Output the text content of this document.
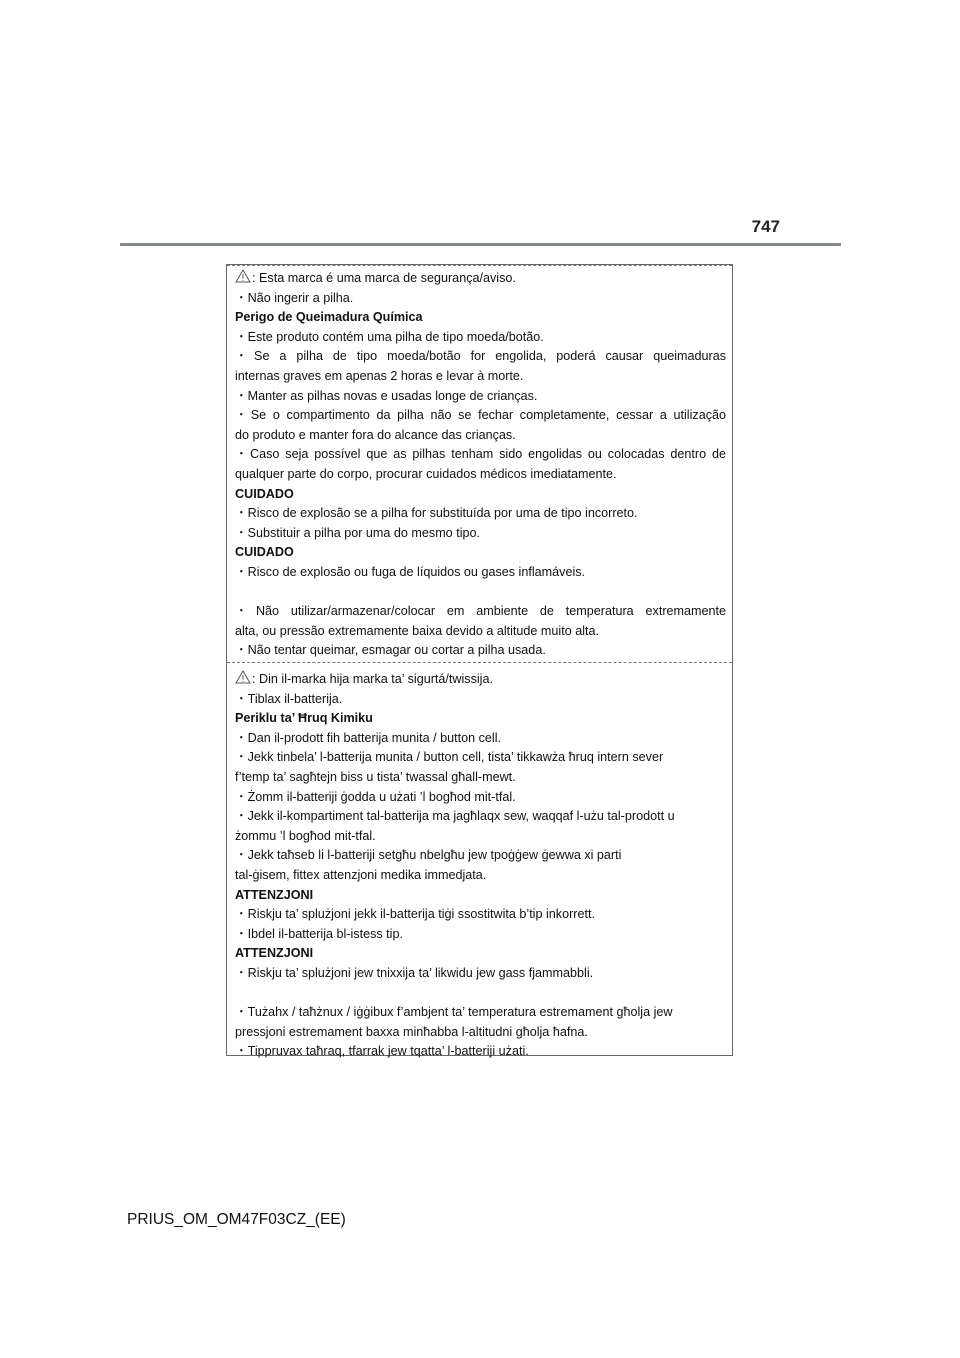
747
: Esta marca é uma marca de segurança/aviso.
・ Não ingerir a pilha.
Perigo de Queimadura Química
・ Este produto contém uma pilha de tipo moeda/botão.
・ Se a pilha de tipo moeda/botão for engolida, poderá causar queimaduras
internas graves em apenas 2 horas e levar à morte.
・ Manter as pilhas novas e usadas longe de crianças.
・ Se o compartimento da pilha não se fechar completamente, cessar a utilização
do produto e manter fora do alcance das crianças.
・ Caso seja possível que as pilhas tenham sido engolidas ou colocadas dentro de
qualquer parte do corpo, procurar cuidados médicos imediatamente.
CUIDADO
・ Risco de explosão se a pilha for substituída por uma de tipo incorreto.
・ Substituir a pilha por uma do mesmo tipo.
CUIDADO
・ Risco de explosão ou fuga de líquidos ou gases inflamáveis.
・ Não utilizar/armazenar/colocar em ambiente de temperatura extremamente
alta, ou pressão extremamente baixa devido a altitude muito alta.
・ Não tentar queimar, esmagar ou cortar a pilha usada.
: Din il-marka hija marka ta’ sigurtá/twissija.
・ Tiblax il-batterija.
Periklu ta’ Ħruq Kimiku
・ Dan il-prodott fih batterija munita / button cell.
・ Jekk tinbela’ l-batterija munita / button cell, tista’ tikkawża ħruq intern sever
f’temp ta’ sagħtejn biss u tista’ twassal għall-mewt.
・ Żomm il-batteriji ġodda u użati ’l bogħod mit-tfal.
・ Jekk il-kompartiment tal-batterija ma jagħlaqx sew, waqqaf l-użu tal-prodott u
żommu ’l bogħod mit-tfal.
・ Jekk taħseb li l-batteriji setgħu nbelgħu jew tpoġġew ġewwa xi parti
tal-ġisem, fittex attenzjoni medika immedjata.
ATTENZJONI
・ Riskju ta’ splużjoni jekk il-batterija tiġi ssostitwita b’tip inkorrett.
・ Ibdel il-batterija bl-istess tip.
ATTENZJONI
・ Riskju ta’ splużjoni jew tnixxija ta’ likwidu jew gass fjammabbli.
・ Tużahx / taħżnux / iġġibux f’ambjent ta’ temperatura estremament għolja jew
pressjoni estremament baxxa minħabba l-altitudni għolja ħafna.
・ Tippruvax taħraq, tfarrak jew tqatta’ l-batteriji użati.
PRIUS_OM_OM47F03CZ_(EE)
